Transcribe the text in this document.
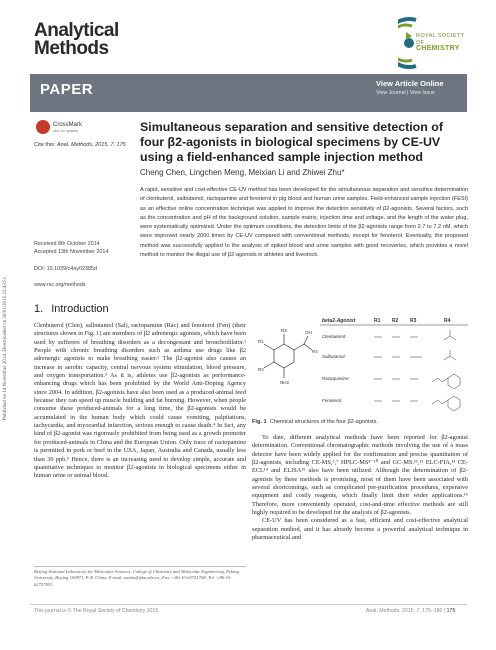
Published on 14 November 2014. Downloaded on 30/01/2015 23:43:51.
Analytical
Methods
ROYAL SOCIETY
OF
CHEMISTRY
PAPER	View Article Online
View Journal | View Issue
CrossMark
click for updates
Cite this: Anal. Methods, 2015, 7, 175
Simultaneous separation and sensitive detection of four β2-agonists in biological specimens by CE-UV using a field-enhanced sample injection method
Cheng Chen, Lingchen Meng, Meixian Li and Zhiwei Zhu*
A rapid, sensitive and cost-effective CE-UV method has been developed for the simultaneous separation and sensitive determination of clenbuterol, salbutamol, ractopamine and fenoterol in pig blood and human urine samples. Field-enhanced sample injection (FESI) as an effective online concentration technique was applied to improve the detection sensitivity of β2-agonists. Several factors, such as the concentration and pH of the background solution, sample matrix, injection time and voltage, and the length of the water plug, were systematically optimized. Under the optimum conditions, the detection limits of the β2-agonists range from 2.7 to 7.2 nM, which were improved nearly 2000 times by CE-UV compared with conventional methods, except for fenoterol. Eventually, the proposed method was successfully applied to the analysis of spiked blood and urine samples with good recoveries, which provides a novel method to monitor the illegal use of β2-agonists in athletes and livestock.
Received 8th October 2014
Accepted 13th November 2014
DOI: 10.1039/c4ay02385d
www.rsc.org/methods
1. Introduction

Clenbuterol (Clen), salbutamol (Sal), ractopamine (Rac) and fenoterol (Fen) (their structures shown in Fig. 1) are members of β2 adrenergic agonists, which have been used by sufferers of breathing disorders as a decongestant and bronchodilator.¹ People with chronic breathing disorders such as asthma use drugs like β2 adrenergic agonists to make breathing easier.² The β2-agonist also causes an increase in aerobic capacity, central nervous system stimulation, blood pressure, and oxygen transportation.³ As it is, athletes use β2-agonists as performance-enhancing drugs which has been prohibited by the World Anti-Doping Agency since 2004. In addition, β2-agonists have also been used as a produced-animal feed because they can speed up muscle building and fat burning. However, when people consume these produced-animals for a long time, the β2-agonists would be accumulated in the human body which could cause vomiting, palpitations, tachycardia, and myocardial infarction, serious enough to cause death.⁴ In fact, any kind of β2-agonist was rigorously prohibited from being used as a growth promoter for produced-animals in China and the European Union. Only trace of ractopamine is permitted in pork or beef in the USA, Japan, Australia and Canada, usually less than 30 ppb.⁵ Hence, there is an increasing need to develop simple, accurate and quantitative techniques to monitor β2-agonists in biological specimens either in human urine or animal blood.

Beijing National Laboratory for Molecular Sciences, College of Chemistry and Molecular Engineering, Peking University, Beijing 100871, P. R. China. E-mail: zwzhu@pku.edu.cn; Fax: +86-10-62751708; Tel: +86-10-62757953
R1
R2
R3
NH2
OH
R4
beta2-Agonist	R1 R2 R3	R4
Clenbuterol:
Salbutamol:
Ractopamine:
Fenoterol:
Fig. 1 Chemical structures of the four β2-agonists.

To date, different analytical methods have been reported for β2-agonist determination. Conventional chromatographic methods involving the use of a mass detector have been widely applied for the confirmation and precise quantitation of β2-agonists, including CE-MS,⁶,⁷ HPLC-MS⁸⁻¹⁰ and GC-MS.¹¹,¹² ELC-FIA,¹³ CE-ECL¹⁴ and ELISA¹⁵ also have been utilized. Although the determination of β2-agonists by these methods is promising, most of them have been associated with several shortcomings, such as complicated pre-purification procedures, expensive equipment and costly reagents, which finally limit their wider applications.¹⁶ Therefore, more conveniently operated, cost-and-time effective methods are still highly required to be developed for the analysis of β2-agonists.

CE-UV has been considered as a fast, efficient and cost-effective analytical separation method, and it has already become a powerful analytical technique in pharmaceutical and

This journal is © The Royal Society of Chemistry 2015	Anal. Methods, 2015, 7, 175–180 | 175
